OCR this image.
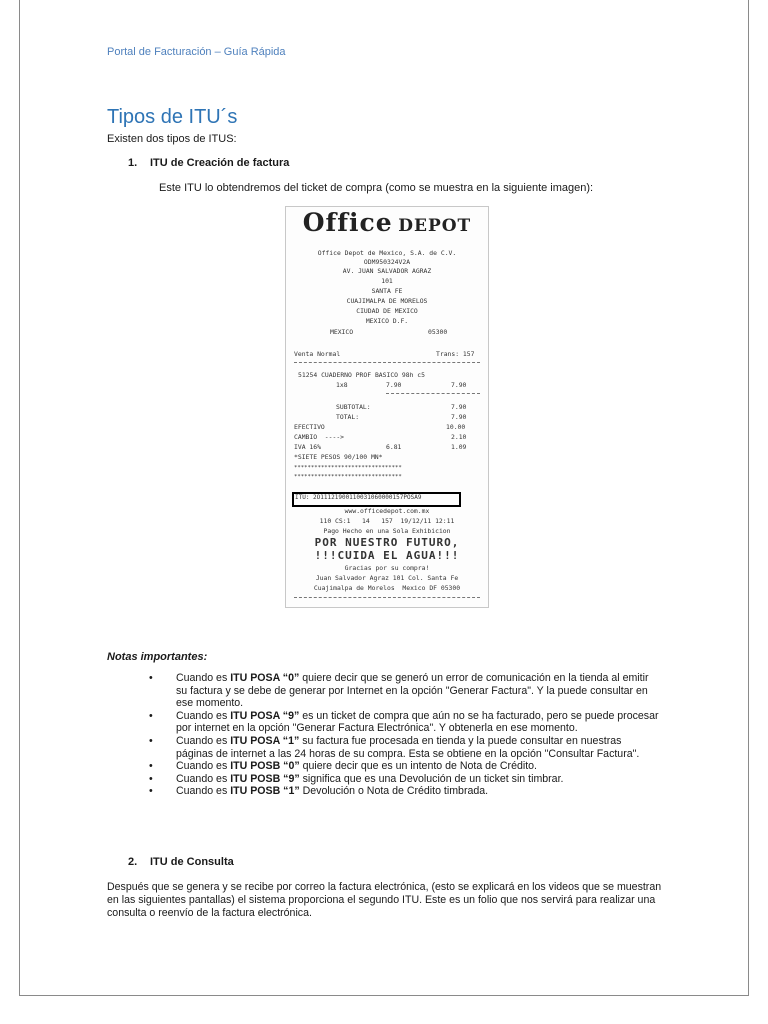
Portal de Facturación – Guía Rápida
Tipos de ITU´s
Existen dos tipos de ITUS:
1. ITU de Creación de factura
Este ITU lo obtendremos del ticket de compra (como se muestra en la siguiente imagen):
Office DEPOT
Office Depot de Mexico, S.A. de C.V.
ODM950324V2A
AV. JUAN SALVADOR AGRAZ
101
SANTA FE
CUAJIMALPA DE MORELOS
CIUDAD DE MEXICO
MEXICO D.F.
MEXICO	05300
Venta Normal	Trans: 157
51254 CUADERNO PROF BASICO 98h c5
1x8	7.90	7.90
SUBTOTAL:	7.90
TOTAL:	7.90
EFECTIVO	10.00
CAMBIO  ---->	2.10
IVA 16%	6.81	1.09
*SIETE PESOS 90/100 MN*
********************************
********************************
ITU: 2O11121900110031060000157POSA9
www.officedepot.com.mx
110 CS:1   14   157  19/12/11 12:11
Pago Hecho en una Sola Exhibicion
POR NUESTRO FUTURO,
!!!CUIDA EL AGUA!!!
Gracias por su compra!
Juan Salvador Agraz 101 Col. Santa Fe
Cuajimalpa de Morelos  Mexico DF 05300
Notas importantes:
• Cuando es ITU POSA “0” quiere decir que se generó un error de comunicación en la tienda al emitir su factura y se debe de generar por Internet en la opción "Generar Factura". Y la puede consultar en ese momento.
• Cuando es ITU POSA “9” es un ticket de compra que aún no se ha facturado, pero se puede procesar por internet en la opción "Generar Factura Electrónica". Y obtenerla en ese momento.
• Cuando es ITU POSA “1” su factura fue procesada en tienda y la puede consultar en nuestras páginas de internet a las 24 horas de su compra. Esta se obtiene en la opción "Consultar Factura".
• Cuando es ITU POSB “0” quiere decir que es un intento de Nota de Crédito.
• Cuando es ITU POSB “9” significa que es una Devolución de un ticket sin timbrar.
• Cuando es ITU POSB “1” Devolución o Nota de Crédito timbrada.
2. ITU de Consulta

Después que se genera y se recibe por correo la factura electrónica, (esto se explicará en los videos que se muestran en las siguientes pantallas) el sistema proporciona el segundo ITU. Este es un folio que nos servirá para realizar una consulta o reenvío de la factura electrónica.
